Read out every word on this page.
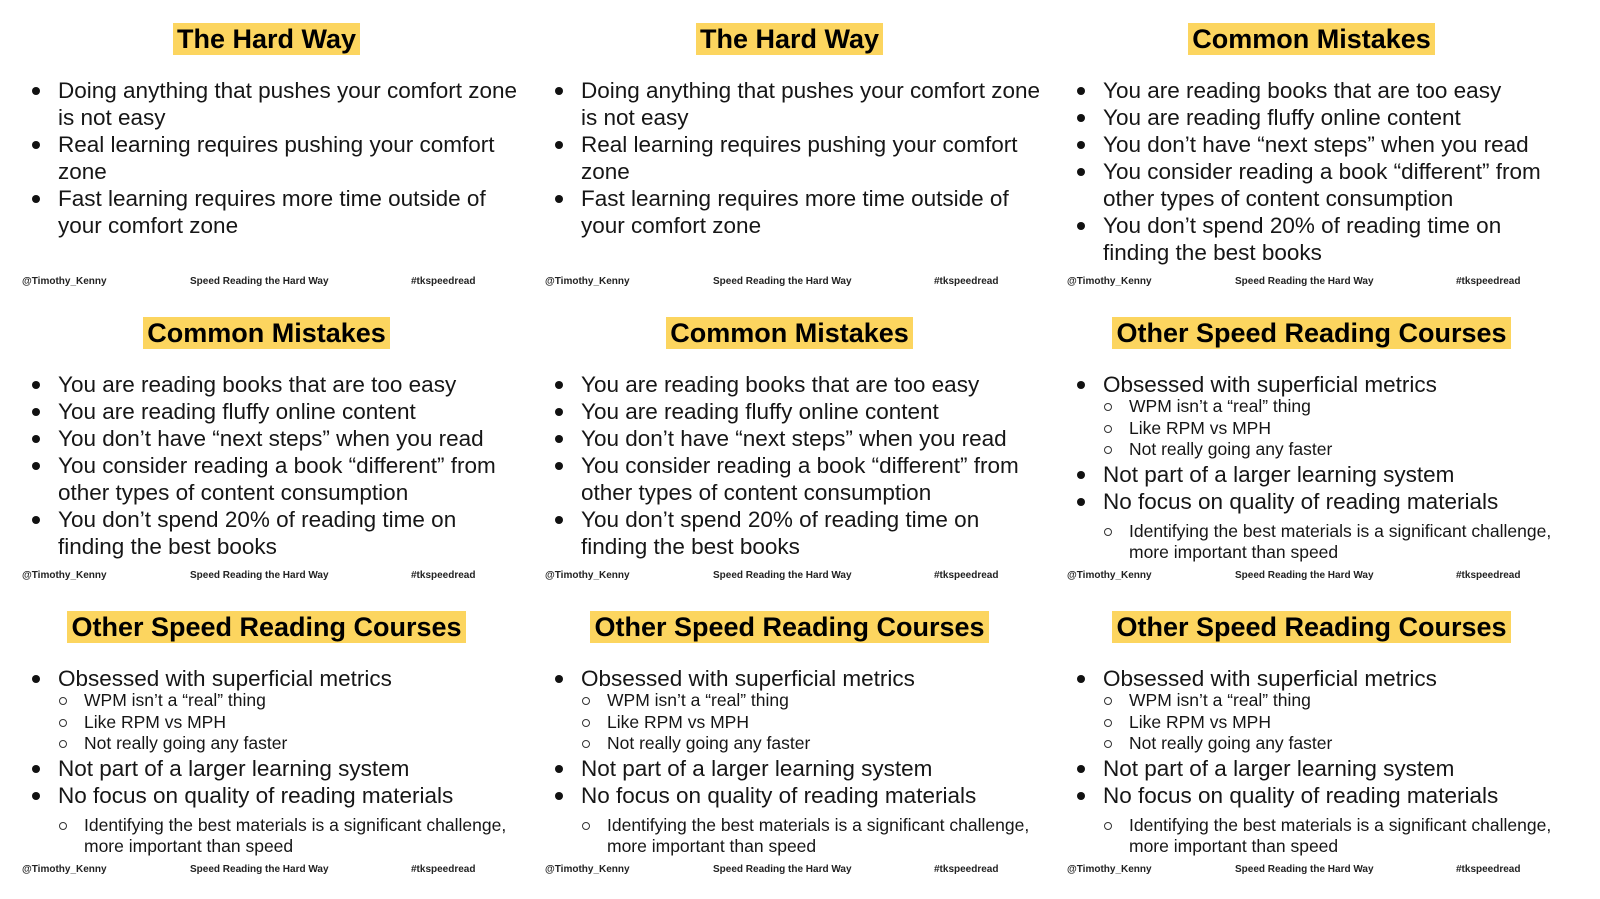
The Hard Way
Doing anything that pushes your comfort zone is not easy
Real learning requires pushing your comfort zone
Fast learning requires more time outside of your comfort zone
@Timothy_Kenny	Speed Reading the Hard Way	#tkspeedread
The Hard Way
Doing anything that pushes your comfort zone is not easy
Real learning requires pushing your comfort zone
Fast learning requires more time outside of your comfort zone
@Timothy_Kenny	Speed Reading the Hard Way	#tkspeedread
Common Mistakes
You are reading books that are too easy
You are reading fluffy online content
You don’t have “next steps” when you read
You consider reading a book “different” from other types of content consumption
You don’t spend 20% of reading time on finding the best books
@Timothy_Kenny	Speed Reading the Hard Way	#tkspeedread
Common Mistakes
You are reading books that are too easy
You are reading fluffy online content
You don’t have “next steps” when you read
You consider reading a book “different” from other types of content consumption
You don’t spend 20% of reading time on finding the best books
@Timothy_Kenny	Speed Reading the Hard Way	#tkspeedread
Common Mistakes
You are reading books that are too easy
You are reading fluffy online content
You don’t have “next steps” when you read
You consider reading a book “different” from other types of content consumption
You don’t spend 20% of reading time on finding the best books
@Timothy_Kenny	Speed Reading the Hard Way	#tkspeedread
Other Speed Reading Courses
Obsessed with superficial metrics
WPM isn’t a “real” thing
Like RPM vs MPH
Not really going any faster
Not part of a larger learning system
No focus on quality of reading materials
Identifying the best materials is a significant challenge, more important than speed
@Timothy_Kenny	Speed Reading the Hard Way	#tkspeedread
Other Speed Reading Courses
Obsessed with superficial metrics
WPM isn’t a “real” thing
Like RPM vs MPH
Not really going any faster
Not part of a larger learning system
No focus on quality of reading materials
Identifying the best materials is a significant challenge, more important than speed
@Timothy_Kenny	Speed Reading the Hard Way	#tkspeedread
Other Speed Reading Courses
Obsessed with superficial metrics
WPM isn’t a “real” thing
Like RPM vs MPH
Not really going any faster
Not part of a larger learning system
No focus on quality of reading materials
Identifying the best materials is a significant challenge, more important than speed
@Timothy_Kenny	Speed Reading the Hard Way	#tkspeedread
Other Speed Reading Courses
Obsessed with superficial metrics
WPM isn’t a “real” thing
Like RPM vs MPH
Not really going any faster
Not part of a larger learning system
No focus on quality of reading materials
Identifying the best materials is a significant challenge, more important than speed
@Timothy_Kenny	Speed Reading the Hard Way	#tkspeedread
